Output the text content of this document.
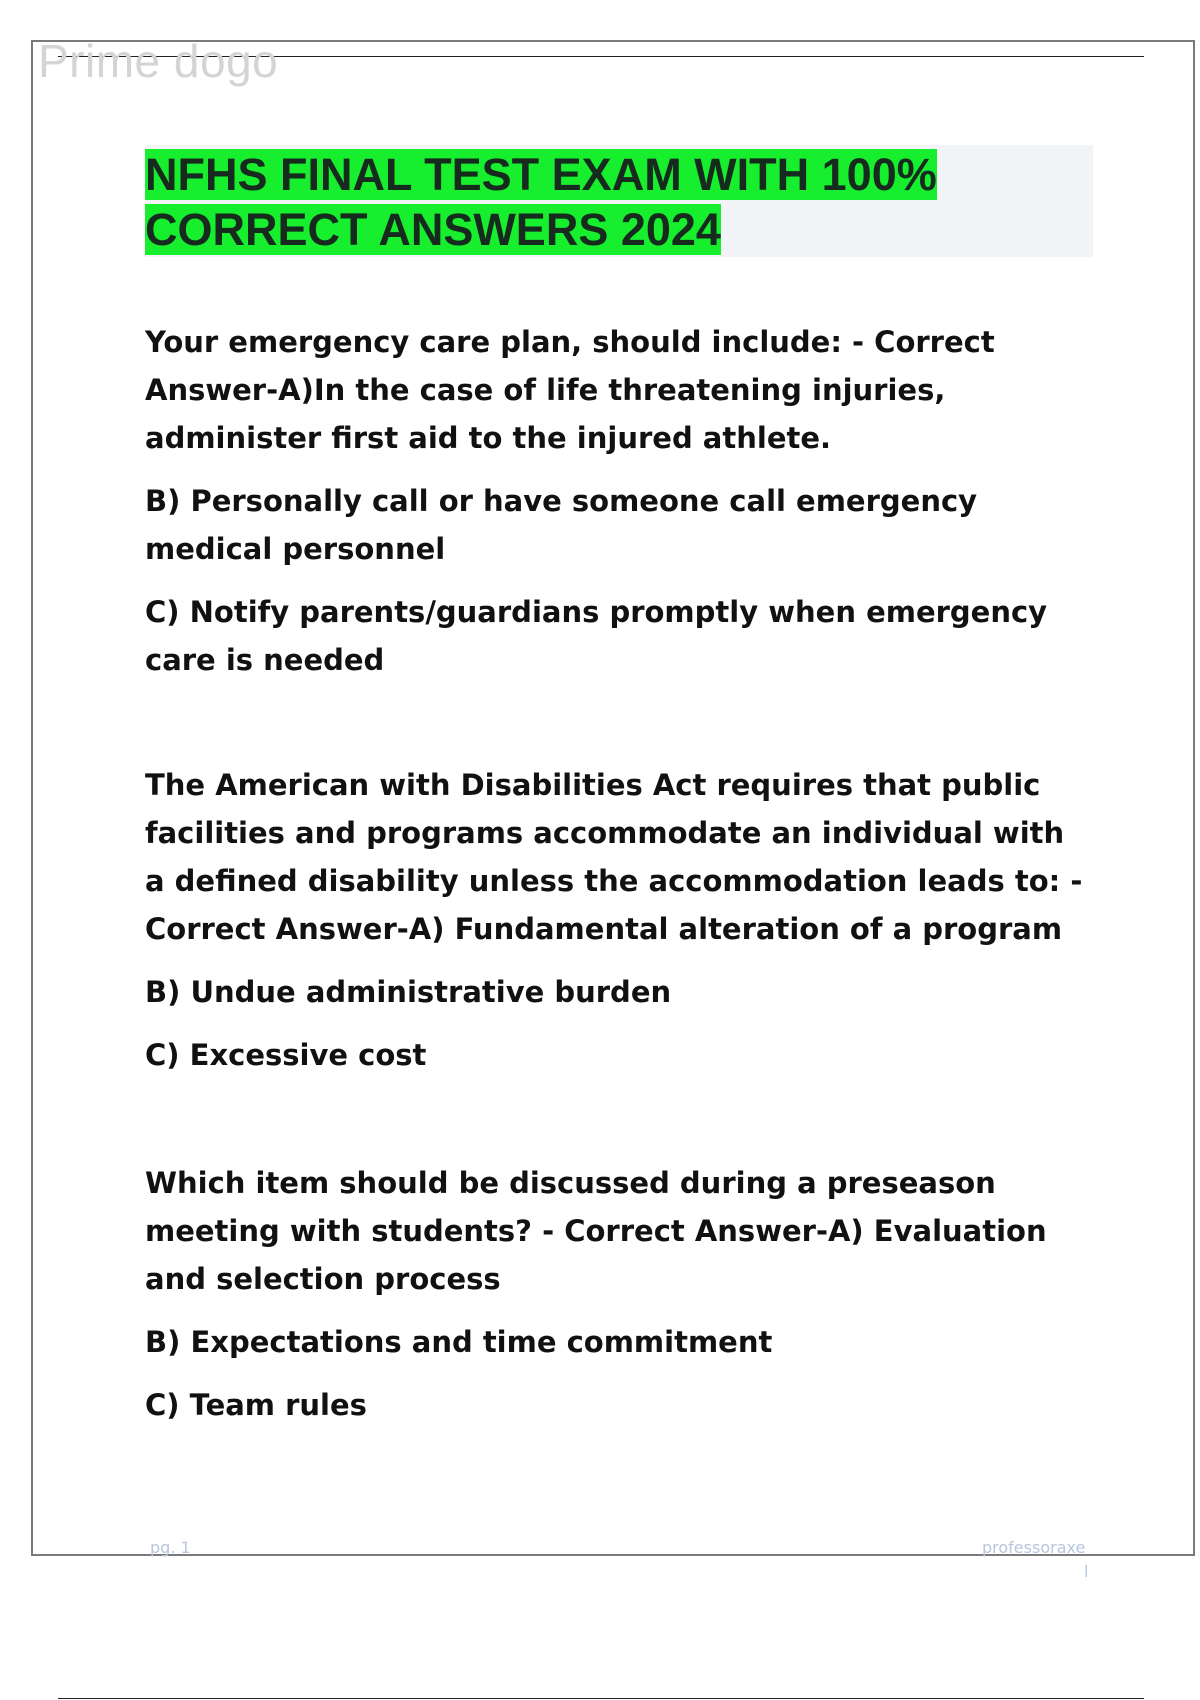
Prime dogo
NFHS FINAL TEST EXAM WITH 100%
CORRECT ANSWERS 2024

Your emergency care plan, should include: - Correct Answer-A)In the case of life threatening injuries, administer first aid to the injured athlete.

B) Personally call or have someone call emergency medical personnel

C) Notify parents/guardians promptly when emergency care is needed

The American with Disabilities Act requires that public facilities and programs accommodate an individual with a defined disability unless the accommodation leads to: - Correct Answer-A) Fundamental alteration of a program

B) Undue administrative burden

C) Excessive cost

Which item should be discussed during a preseason meeting with students? - Correct Answer-A) Evaluation and selection process

B) Expectations and time commitment

C) Team rules

pg. 1	professoraxe
l
